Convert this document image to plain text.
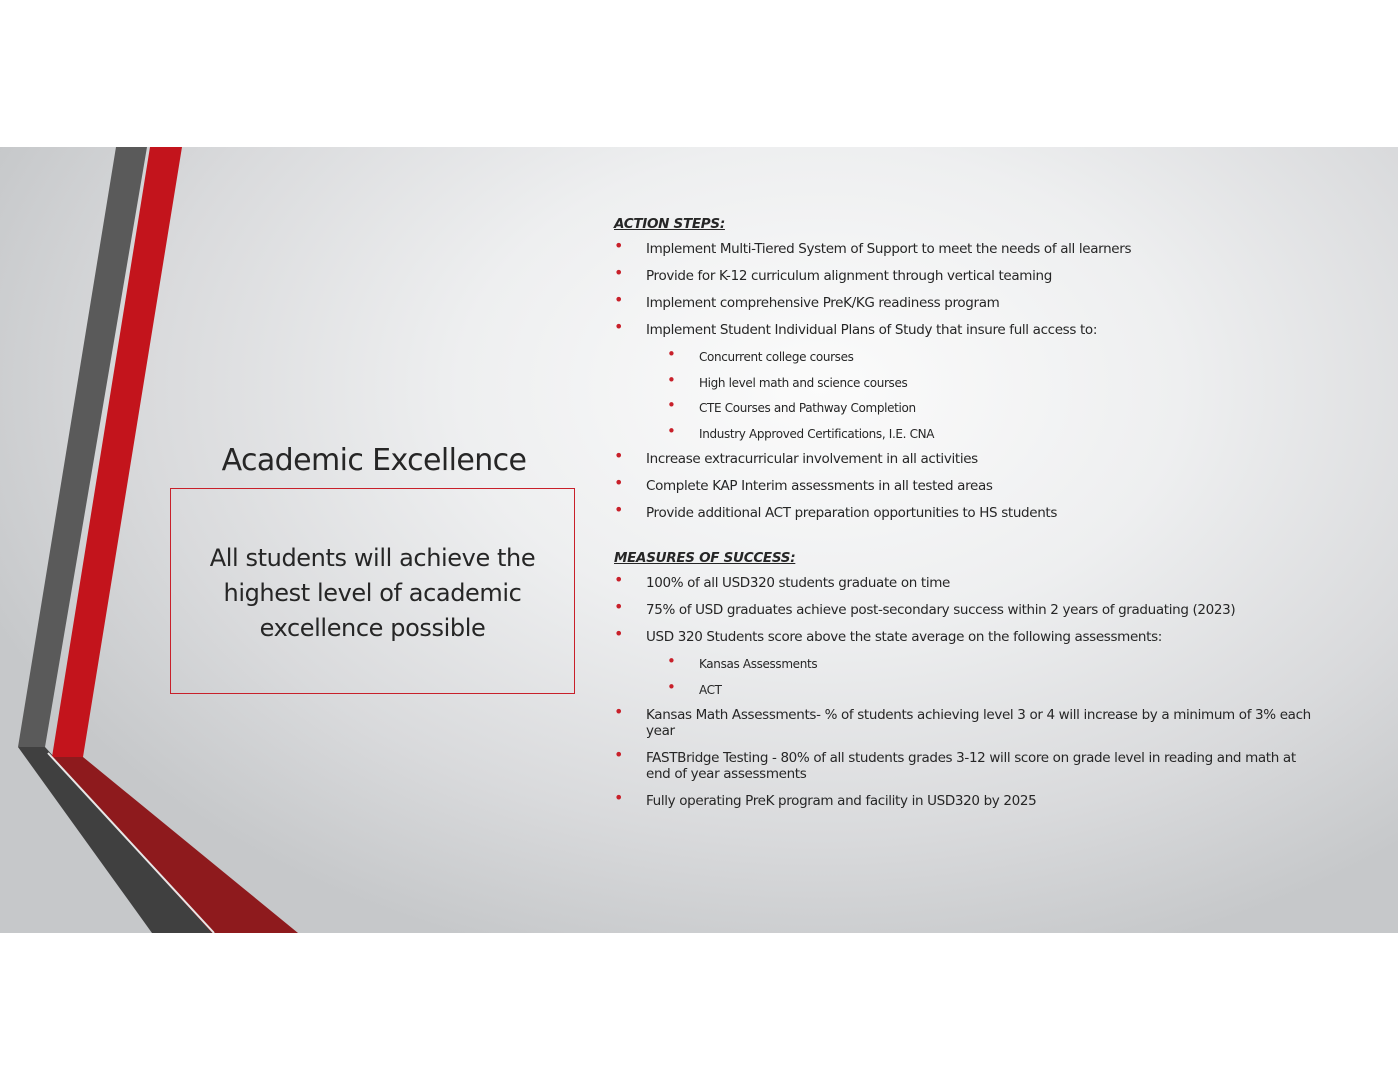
Academic Excellence
All students will achieve the highest level of academic excellence possible

ACTION STEPS:

• Implement Multi-Tiered System of Support to meet the needs of all learners
• Provide for K-12 curriculum alignment through vertical teaming
• Implement comprehensive PreK/KG readiness program
• Implement Student Individual Plans of Study that insure full access to:
• Concurrent college courses
• High level math and science courses
• CTE Courses and Pathway Completion
• Industry Approved Certifications, I.E. CNA
• Increase extracurricular involvement in all activities
• Complete KAP Interim assessments in all tested areas
• Provide additional ACT preparation opportunities to HS students

MEASURES OF SUCCESS:

• 100% of all USD320 students graduate on time
• 75% of USD graduates achieve post-secondary success within 2 years of graduating (2023)
• USD 320 Students score above the state average on the following assessments:
• Kansas Assessments
• ACT
• Kansas Math Assessments- % of students achieving level 3 or 4 will increase by a minimum of 3% each year
• FASTBridge Testing - 80% of all students grades 3-12 will score on grade level in reading and math at end of year assessments
• Fully operating PreK program and facility in USD320 by 2025
